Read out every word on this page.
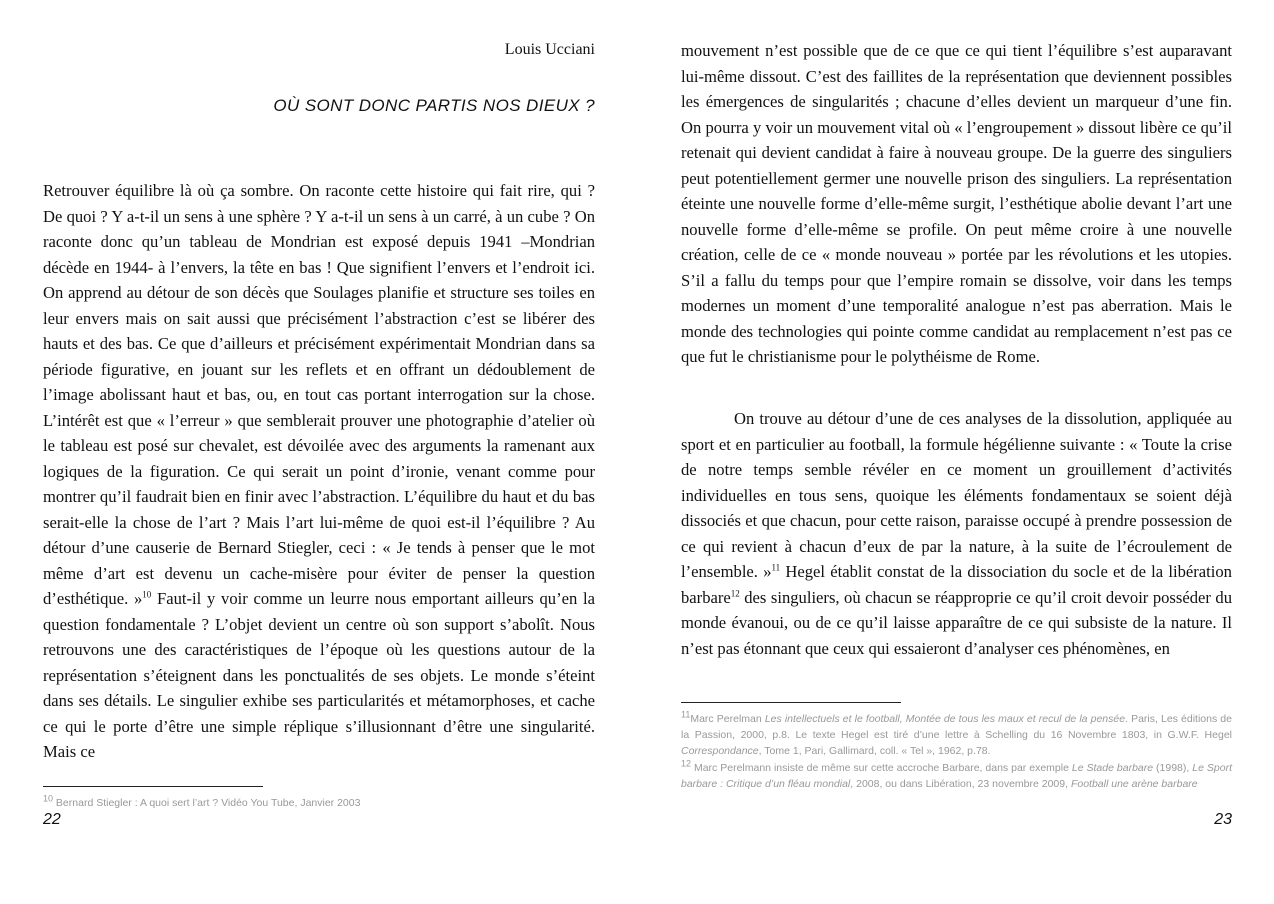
Louis Ucciani
OÙ SONT DONC PARTIS NOS DIEUX ?
Retrouver équilibre là où ça sombre. On raconte cette histoire qui fait rire, qui ? De quoi ? Y a-t-il un sens à une sphère ? Y a-t-il un sens à un carré, à un cube ? On raconte donc qu’un tableau de Mondrian est exposé depuis 1941 –Mondrian décède en 1944- à l’envers, la tête en bas ! Que signifient l’envers et l’endroit ici. On apprend au détour de son décès que Soulages planifie et structure ses toiles en leur envers mais on sait aussi que précisément l’abstraction c’est se libérer des hauts et des bas. Ce que d’ailleurs et précisément expérimentait Mondrian dans sa période figurative, en jouant sur les reflets et en offrant un dédoublement de l’image abolissant haut et bas, ou, en tout cas portant interrogation sur la chose. L’intérêt est que « l’erreur » que semblerait prouver une photographie d’atelier où le tableau est posé sur chevalet, est dévoilée avec des arguments la ramenant aux logiques de la figuration. Ce qui serait un point d’ironie, venant comme pour montrer qu’il faudrait bien en finir avec l’abstraction. L’équilibre du haut et du bas serait-elle la chose de l’art ? Mais l’art lui-même de quoi est-il l’équilibre ? Au détour d’une causerie de Bernard Stiegler, ceci : « Je tends à penser que le mot même d’art est devenu un cache-misère pour éviter de penser la question d’esthétique. »$^{10}$ Faut-il y voir comme un leurre nous emportant ailleurs qu’en la question fondamentale ? L’objet devient un centre où son support s’abolît. Nous retrouvons une des caractéristiques de l’époque où les questions autour de la représentation s’éteignent dans les ponctualités de ses objets. Le monde s’éteint dans ses détails. Le singulier exhibe ses particularités et métamorphoses, et cache ce qui le porte d’être une simple réplique s’illusionnant d’être une singularité. Mais ce
$^{10}$ Bernard Stiegler : A quoi sert l’art ? Vidéo You Tube, Janvier 2003
22
mouvement n’est possible que de ce que ce qui tient l’équilibre s’est auparavant lui-même dissout. C’est des faillites de la représentation que deviennent possibles les émergences de singularités ; chacune d’elles devient un marqueur d’une fin. On pourra y voir un mouvement vital où « l’engroupement » dissout libère ce qu’il retenait qui devient candidat à faire à nouveau groupe. De la guerre des singuliers peut potentiellement germer une nouvelle prison des singuliers. La représentation éteinte une nouvelle forme d’elle-même surgit, l’esthétique abolie devant l’art une nouvelle forme d’elle-même se profile. On peut même croire à une nouvelle création, celle de ce « monde nouveau » portée par les révolutions et les utopies. S’il a fallu du temps pour que l’empire romain se dissolve, voir dans les temps modernes un moment d’une temporalité analogue n’est pas aberration. Mais le monde des technologies qui pointe comme candidat au remplacement n’est pas ce que fut le christianisme pour le polythéisme de Rome.
On trouve au détour d’une de ces analyses de la dissolution, appliquée au sport et en particulier au football, la formule hégélienne suivante : « Toute la crise de notre temps semble révéler en ce moment un grouillement d’activités individuelles en tous sens, quoique les éléments fondamentaux se soient déjà dissociés et que chacun, pour cette raison, paraisse occupé à prendre possession de ce qui revient à chacun d’eux de par la nature, à la suite de l’écroulement de l’ensemble. »$^{11}$ Hegel établit constat de la dissociation du socle et de la libération barbare$^{12}$ des singuliers, où chacun se réapproprie ce qu’il croit devoir posséder du monde évanoui, ou de ce qu’il laisse apparaître de ce qui subsiste de la nature. Il n’est pas étonnant que ceux qui essaieront d’analyser ces phénomènes, en
$^{11}$Marc Perelman Les intellectuels et le football, Montée de tous les maux et recul de la pensée. Paris, Les éditions de la Passion, 2000, p.8. Le texte Hegel est tiré d’une lettre à Schelling du 16 Novembre 1803, in G.W.F. Hegel Correspondance, Tome 1, Pari, Gallimard, coll. « Tel », 1962, p.78.
$^{12}$ Marc Perelmann insiste de même sur cette accroche Barbare, dans par exemple Le Stade barbare (1998), Le Sport barbare : Critique d’un fléau mondial, 2008, ou dans Libération, 23 novembre 2009, Football une arène barbare
23
